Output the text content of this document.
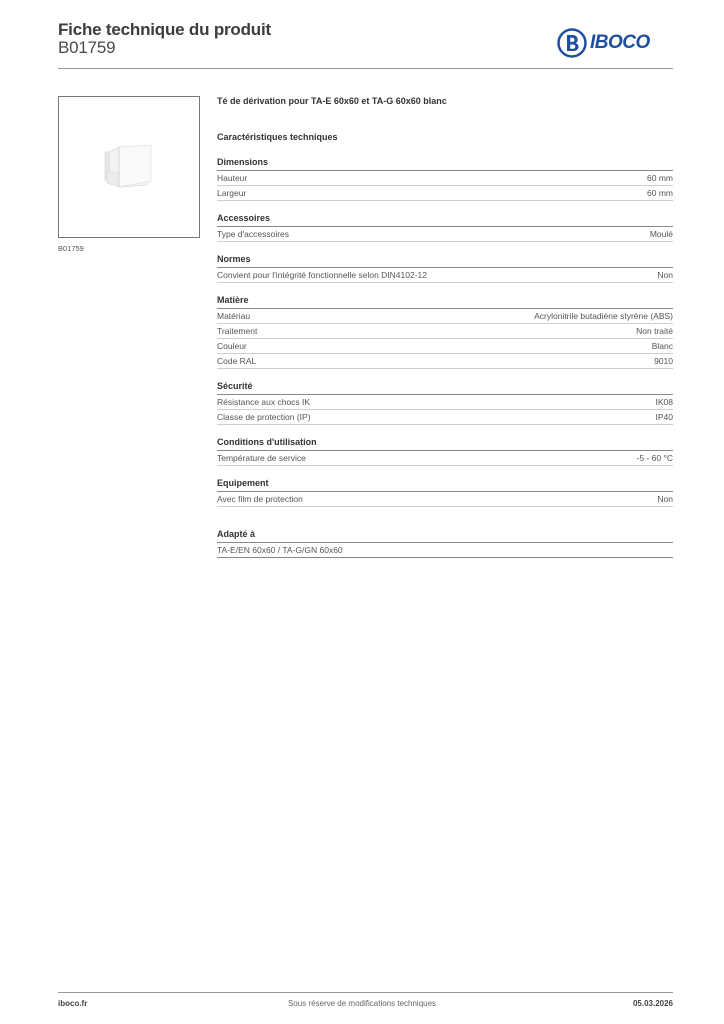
Fiche technique du produit
B01759	IBOCO
B01759
Té de dérivation pour TA-E 60x60 et TA-G 60x60 blanc
Caractéristiques techniques
Dimensions
Hauteur	60 mm
Largeur	60 mm
Accessoires
Type d'accessoires	Moulé
Normes
Convient pour l'intégrité fonctionnelle selon DIN4102-12	Non
Matière
Matériau	Acrylonitrile butadiène styrène (ABS)
Traitement	Non traité
Couleur	Blanc
Code RAL	9010
Sécurité
Résistance aux chocs IK	IK08
Classe de protection (IP)	IP40
Conditions d'utilisation
Température de service	-5 - 60 °C
Equipement
Avec film de protection	Non
Adapté à
TA-E/EN 60x60 / TA-G/GN 60x60
iboco.fr	Sous réserve de modifications techniques	05.03.2026
